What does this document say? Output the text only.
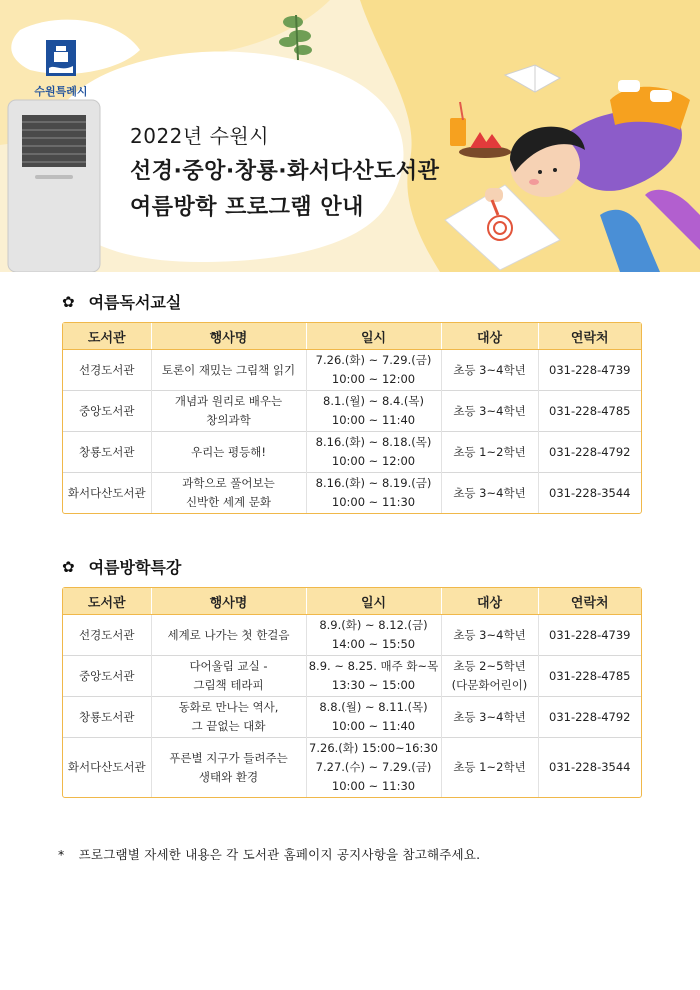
수원특례시
2022년 수원시
선경·중앙·창룡·화서다산도서관
여름방학 프로그램 안내
✿ 여름독서교실
도서관	행사명	일시	대상	연락처

선경도서관	토론이 재밌는 그림책 읽기	7.26.(화) ~ 7.29.(금)
10:00 ~ 12:00	초등 3~4학년	031-228-4739

중앙도서관	개념과 원리로 배우는
창의과학	8.1.(월) ~ 8.4.(목)
10:00 ~ 11:40	초등 3~4학년	031-228-4785

창룡도서관	우리는 평등해!	8.16.(화) ~ 8.18.(목)
10:00 ~ 12:00	초등 1~2학년	031-228-4792

화서다산도서관	과학으로 풀어보는
신박한 세계 문화	8.16.(화) ~ 8.19.(금)
10:00 ~ 11:30	초등 3~4학년	031-228-3544
✿ 여름방학특강
도서관	행사명	일시	대상	연락처

선경도서관	세계로 나가는 첫 한걸음	8.9.(화) ~ 8.12.(금)
14:00 ~ 15:50	초등 3~4학년	031-228-4739

중앙도서관	다어울림 교실 -
그림책 테라피	8.9. ~ 8.25. 매주 화~목
13:30 ~ 15:00	초등 2~5학년
(다문화어린이)	031-228-4785

창룡도서관	동화로 만나는 역사,
그 끝없는 대화	8.8.(월) ~ 8.11.(목)
10:00 ~ 11:40	초등 3~4학년	031-228-4792

화서다산도서관	푸른별 지구가 들려주는
생태와 환경	7.26.(화) 15:00~16:30
7.27.(수) ~ 7.29.(금)
10:00 ~ 11:30	초등 1~2학년	031-228-3544
* 프로그램별 자세한 내용은 각 도서관 홈페이지 공지사항을 참고해주세요.
